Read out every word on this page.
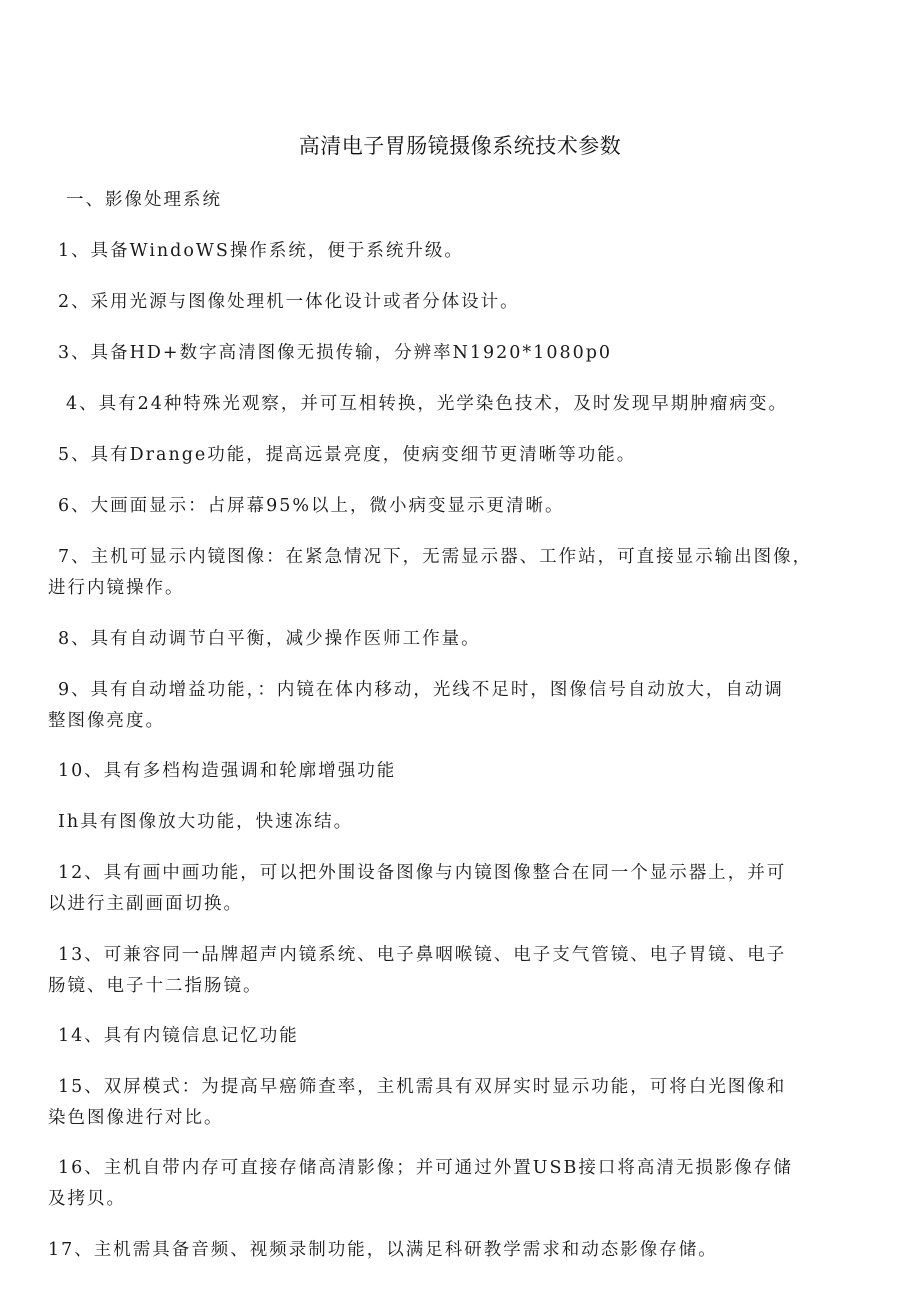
高清电子胃肠镜摄像系统技术参数
一、影像处理系统
1、具备WindoWS操作系统，便于系统升级。
2、采用光源与图像处理机一体化设计或者分体设计。
3、具备HD+数字高清图像无损传输，分辨率N1920*1080p0
4、具有24种特殊光观察，并可互相转换，光学染色技术，及时发现早期肿瘤病变。
5、具有Drange功能，提高远景亮度，使病变细节更清晰等功能。
6、大画面显示：占屏幕95%以上，微小病变显示更清晰。
7、主机可显示内镜图像：在紧急情况下，无需显示器、工作站，可直接显示输出图像，
进行内镜操作。
8、具有自动调节白平衡，减少操作医师工作量。
9、具有自动增益功能，：内镜在体内移动，光线不足时，图像信号自动放大，自动调
整图像亮度。
10、具有多档构造强调和轮廓增强功能
Ih具有图像放大功能，快速冻结。
12、具有画中画功能，可以把外围设备图像与内镜图像整合在同一个显示器上，并可
以进行主副画面切换。
13、可兼容同一品牌超声内镜系统、电子鼻咽喉镜、电子支气管镜、电子胃镜、电子
肠镜、电子十二指肠镜。
14、具有内镜信息记忆功能
15、双屏模式：为提高早癌筛查率，主机需具有双屏实时显示功能，可将白光图像和
染色图像进行对比。
16、主机自带内存可直接存储高清影像；并可通过外置USB接口将高清无损影像存储
及拷贝。
17、主机需具备音频、视频录制功能，以满足科研教学需求和动态影像存储。
